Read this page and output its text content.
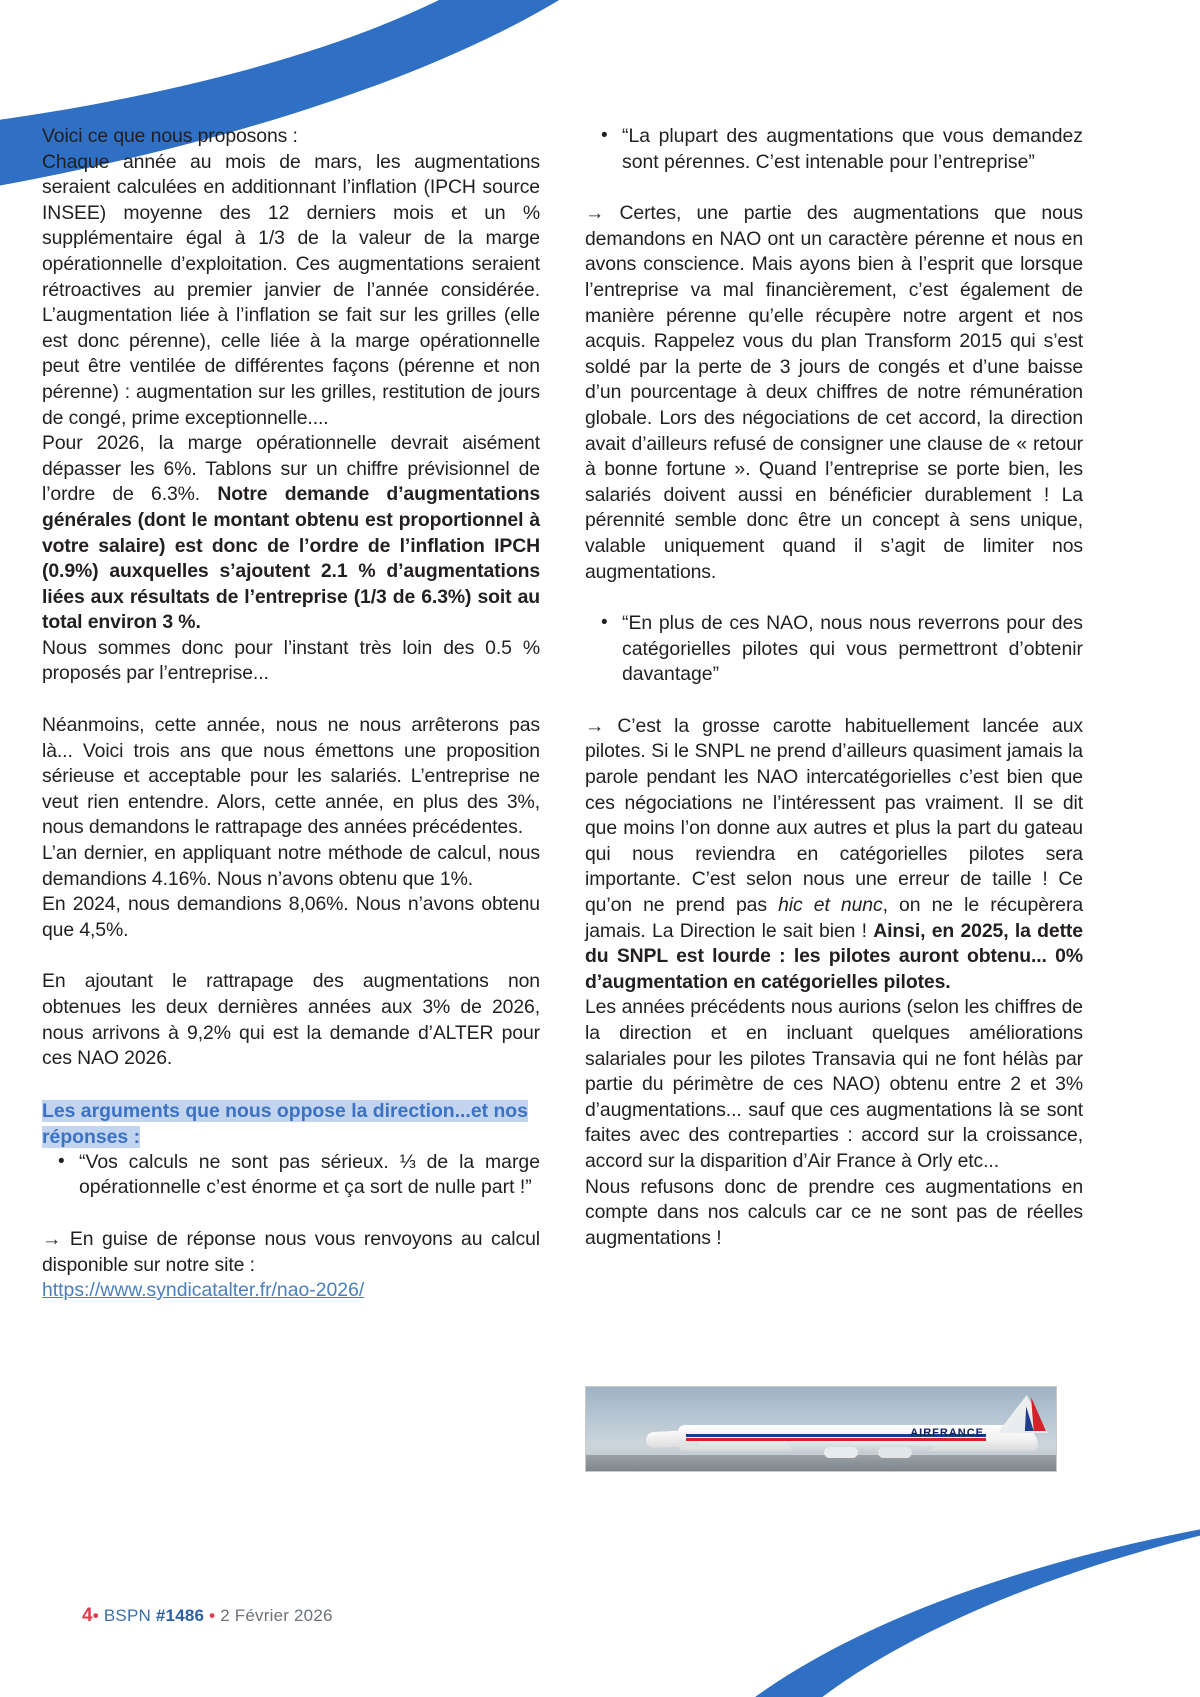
Voici ce que nous proposons :

Chaque année au mois de mars, les augmentations seraient calculées en additionnant l’inflation (IPCH source INSEE) moyenne des 12 derniers mois et un % supplémentaire égal à 1/3 de la valeur de la marge opérationnelle d’exploitation. Ces augmentations seraient rétroactives au premier janvier de l’année considérée. L’augmentation liée à l’inflation se fait sur les grilles (elle est donc pérenne), celle liée à la marge opérationnelle peut être ventilée de différentes façons (pérenne et non pérenne) : augmentation sur les grilles, restitution de jours de congé, prime exceptionnelle....

Pour 2026, la marge opérationnelle devrait aisément dépasser les 6%. Tablons sur un chiffre prévisionnel de l’ordre de 6.3%. Notre demande d’augmentations générales (dont le montant obtenu est proportionnel à votre salaire) est donc de l’ordre de l’inflation IPCH (0.9%) auxquelles s’ajoutent 2.1 % d’augmentations liées aux résultats de l’entreprise (1/3 de 6.3%) soit au total environ 3 %.

Nous sommes donc pour l’instant très loin des 0.5 % proposés par l’entreprise...

Néanmoins, cette année, nous ne nous arrêterons pas là... Voici trois ans que nous émettons une proposition sérieuse et acceptable pour les salariés. L’entreprise ne veut rien entendre. Alors, cette année, en plus des 3%, nous demandons le rattrapage des années précédentes.

L’an dernier, en appliquant notre méthode de calcul, nous demandions 4.16%. Nous n’avons obtenu que 1%.

En 2024, nous demandions 8,06%. Nous n’avons obtenu que 4,5%.

En ajoutant le rattrapage des augmentations non obtenues les deux dernières années aux 3% de 2026, nous arrivons à 9,2% qui est la demande d’ALTER pour ces NAO 2026.

Les arguments que nous oppose la direction...et nos réponses :
• “Vos calculs ne sont pas sérieux. ⅓ de la marge opérationnelle c’est énorme et ça sort de nulle part !”

→ En guise de réponse nous vous renvoyons au calcul disponible sur notre site :

https://www.syndicatalter.fr/nao-2026/
• “La plupart des augmentations que vous demandez sont pérennes. C’est intenable pour l’entreprise”

→ Certes, une partie des augmentations que nous demandons en NAO ont un caractère pérenne et nous en avons conscience. Mais ayons bien à l’esprit que lorsque l’entreprise va mal financièrement, c’est également de manière pérenne qu’elle récupère notre argent et nos acquis. Rappelez vous du plan Transform 2015 qui s’est soldé par la perte de 3 jours de congés et d’une baisse d’un pourcentage à deux chiffres de notre rémunération globale. Lors des négociations de cet accord, la direction avait d’ailleurs refusé de consigner une clause de « retour à bonne fortune ». Quand l’entreprise se porte bien, les salariés doivent aussi en bénéficier durablement ! La pérennité semble donc être un concept à sens unique, valable uniquement quand il s’agit de limiter nos augmentations.

• “En plus de ces NAO, nous nous reverrons pour des catégorielles pilotes qui vous permettront d’obtenir davantage”

→ C’est la grosse carotte habituellement lancée aux pilotes. Si le SNPL ne prend d’ailleurs quasiment jamais la parole pendant les NAO intercatégorielles c’est bien que ces négociations ne l’intéressent pas vraiment. Il se dit que moins l’on donne aux autres et plus la part du gateau qui nous reviendra en catégorielles pilotes sera importante. C’est selon nous une erreur de taille ! Ce qu’on ne prend pas hic et nunc, on ne le récupèrera jamais. La Direction le sait bien ! Ainsi, en 2025, la dette du SNPL est lourde : les pilotes auront obtenu... 0% d’augmentation en catégorielles pilotes.

Les années précédents nous aurions (selon les chiffres de la direction et en incluant quelques améliorations salariales pour les pilotes Transavia qui ne font hélàs par partie du périmètre de ces NAO) obtenu entre 2 et 3% d’augmentations... sauf que ces augmentations là se sont faites avec des contreparties : accord sur la croissance, accord sur la disparition d’Air France à Orly etc...

Nous refusons donc de prendre ces augmentations en compte dans nos calculs car ce ne sont pas de réelles augmentations !

AIRFRANCE
4• BSPN #1486 • 2 Février 2026
